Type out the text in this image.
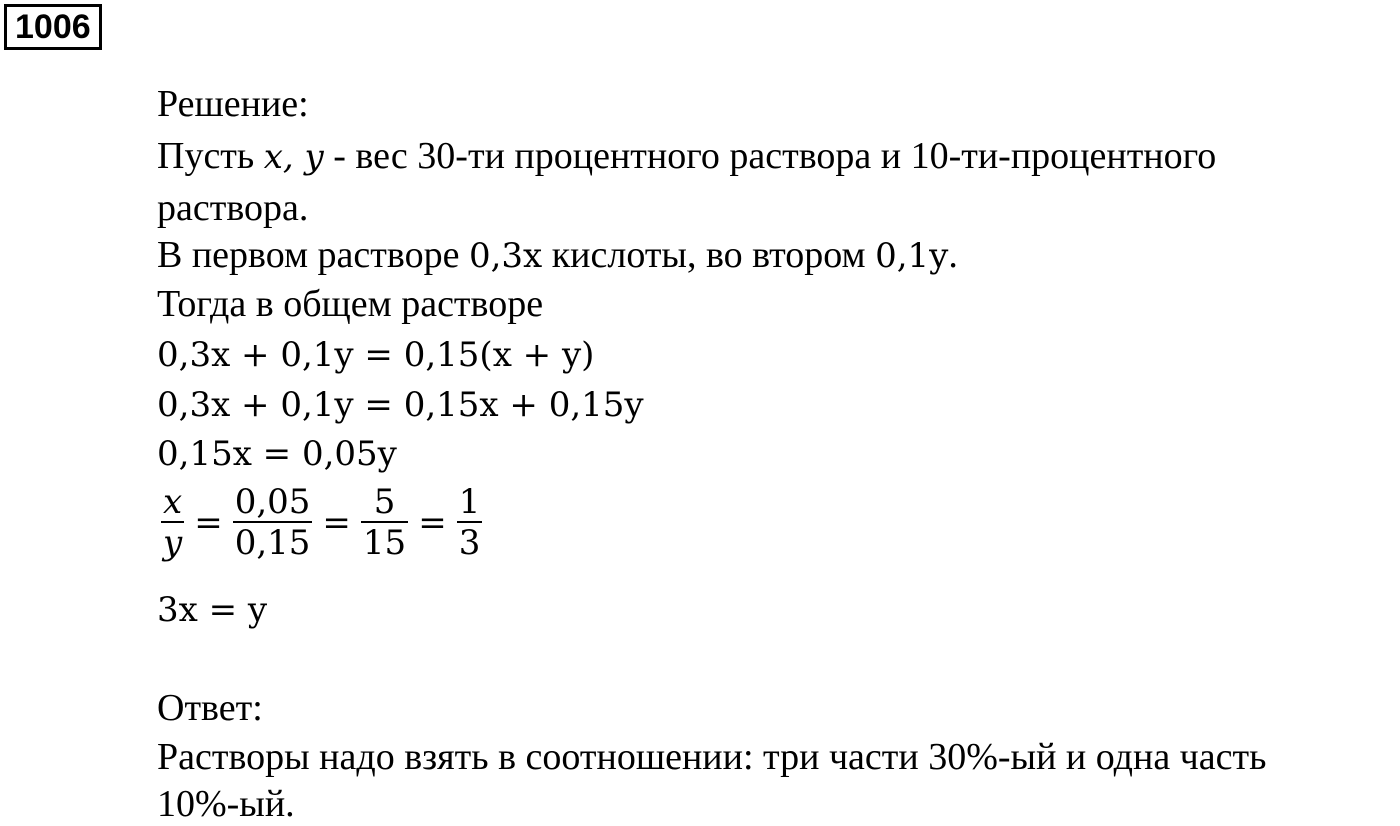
1006
Решение:
Пусть x, y - вес 30-ти процентного раствора и 10-ти-процентного
раствора.
В первом растворе 0,3x кислоты, во втором 0,1y.
Тогда в общем растворе
0,3x + 0,1y = 0,15(x + y)
0,3x + 0,1y = 0,15x + 0,15y
0,15x = 0,05y
$\frac{x}{y} = \frac{0,05}{0,15} = \frac{5}{15} = \frac{1}{3}$
3x = y
Ответ:
Растворы надо взять в соотношении: три части 30%-ый и одна часть
10%-ый.
